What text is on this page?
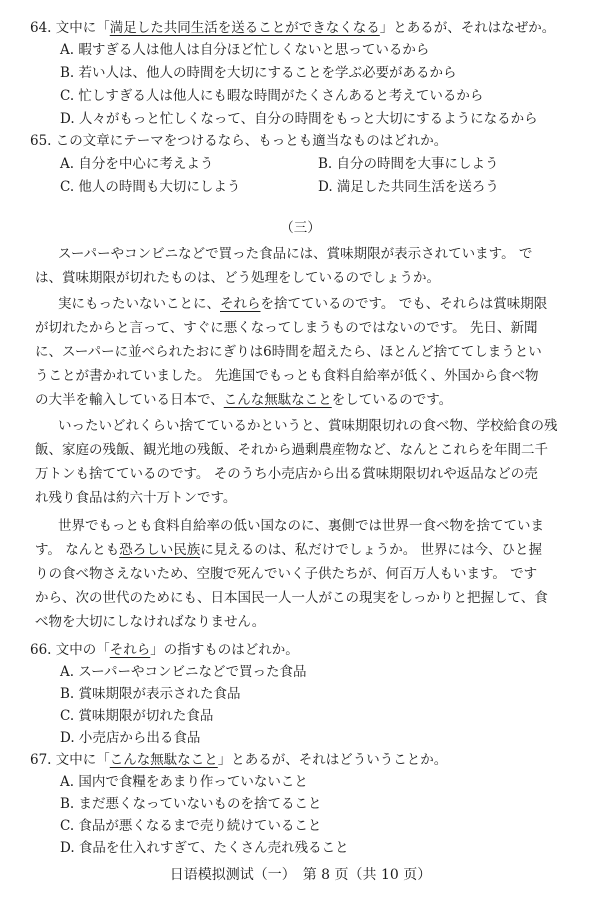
64. 文中に「満足した共同生活を送ることができなくなる」とあるが、それはなぜか。
A. 暇すぎる人は他人は自分ほど忙しくないと思っているから
B. 若い人は、他人の時間を大切にすることを学ぶ必要があるから
C. 忙しすぎる人は他人にも暇な時間がたくさんあると考えているから
D. 人々がもっと忙しくなって、自分の時間をもっと大切にするようになるから
65. この文章にテーマをつけるなら、もっとも適当なものはどれか。
A. 自分を中心に考えよう	B. 自分の時間を大事にしよう
C. 他人の時間も大切にしよう	D. 満足した共同生活を送ろう
（三）
スーパーやコンビニなどで買った食品には、賞味期限が表示されています。 で
は、賞味期限が切れたものは、どう処理をしているのでしょうか。
実にもったいないことに、それらを捨てているのです。 でも、それらは賞味期限
が切れたからと言って、すぐに悪くなってしまうものではないのです。 先日、新聞
に、スーパーに並べられたおにぎりは6時間を超えたら、ほとんど捨ててしまうとい
うことが書かれていました。 先進国でもっとも食料自給率が低く、外国から食べ物
の大半を輸入している日本で、こんな無駄なことをしているのです。
いったいどれくらい捨てているかというと、賞味期限切れの食べ物、学校給食の残
飯、家庭の残飯、観光地の残飯、それから過剰農産物など、なんとこれらを年間二千
万トンも捨てているのです。 そのうち小売店から出る賞味期限切れや返品などの売
れ残り食品は約六十万トンです。
世界でもっとも食料自給率の低い国なのに、裏側では世界一食べ物を捨てていま
す。 なんとも恐ろしい民族に見えるのは、私だけでしょうか。 世界には今、ひと握
りの食べ物さえないため、空腹で死んでいく子供たちが、何百万人もいます。 です
から、次の世代のためにも、日本国民一人一人がこの現実をしっかりと把握して、食
べ物を大切にしなければなりません。
66. 文中の「それら」の指すものはどれか。
A. スーパーやコンビニなどで買った食品
B. 賞味期限が表示された食品
C. 賞味期限が切れた食品
D. 小売店から出る食品
67. 文中に「こんな無駄なこと」とあるが、それはどういうことか。
A. 国内で食糧をあまり作っていないこと
B. まだ悪くなっていないものを捨てること
C. 食品が悪くなるまで売り続けていること
D. 食品を仕入れすぎて、たくさん売れ残ること
日语模拟测试（一）　第 8 页（共 10 页）
